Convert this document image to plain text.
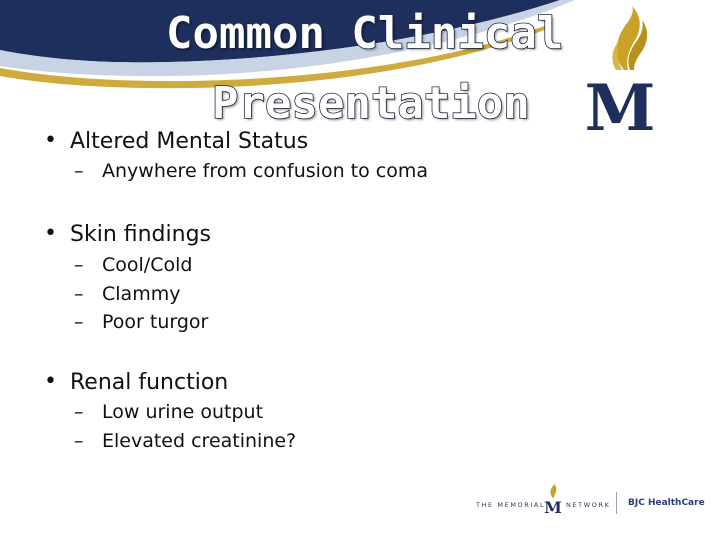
Common Clinical
Presentation M
• Altered Mental Status
– Anywhere from confusion to coma
• Skin findings
– Cool/Cold
– Clammy
– Poor turgor
• Renal function
– Low urine output
– Elevated creatinine?
THE MEMORIAL
M NETWORK BJC HealthCare
